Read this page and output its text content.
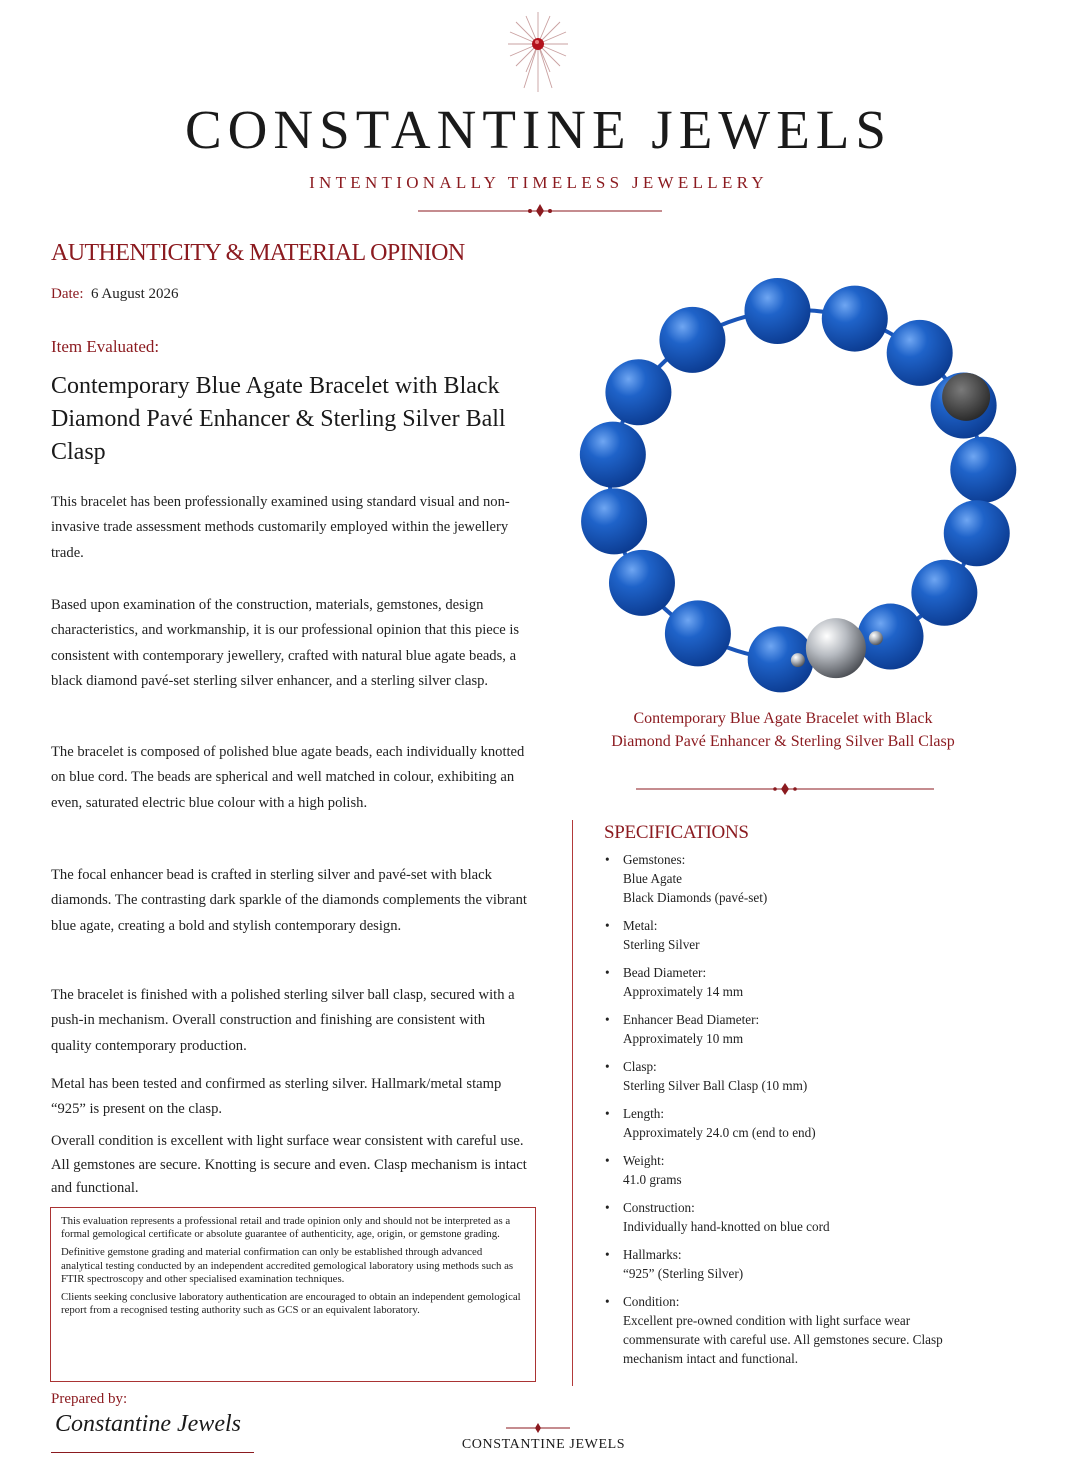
CONSTANTINE JEWELS
INTENTIONALLY TIMELESS JEWELLERY
AUTHENTICITY & MATERIAL OPINION
Date: 6 August 2026
Item Evaluated:
Contemporary Blue Agate Bracelet with Black Diamond Pavé Enhancer & Sterling Silver Ball Clasp
This bracelet has been professionally examined using standard visual and non-invasive trade assessment methods customarily employed within the jewellery trade.
Based upon examination of the construction, materials, gemstones, design characteristics, and workmanship, it is our professional opinion that this piece is consistent with contemporary jewellery, crafted with natural blue agate beads, a black diamond pavé-set sterling silver enhancer, and a sterling silver clasp.
The bracelet is composed of polished blue agate beads, each individually knotted on blue cord. The beads are spherical and well matched in colour, exhibiting an even, saturated electric blue colour with a high polish.
The focal enhancer bead is crafted in sterling silver and pavé-set with black diamonds. The contrasting dark sparkle of the diamonds complements the vibrant blue agate, creating a bold and stylish contemporary design.
The bracelet is finished with a polished sterling silver ball clasp, secured with a push-in mechanism. Overall construction and finishing are consistent with quality contemporary production.
Metal has been tested and confirmed as sterling silver. Hallmark/metal stamp “925” is present on the clasp.
Overall condition is excellent with light surface wear consistent with careful use. All gemstones are secure. Knotting is secure and even. Clasp mechanism is intact and functional.

This evaluation represents a professional retail and trade opinion only and should not be interpreted as a formal gemological certificate or absolute guarantee of authenticity, age, origin, or gemstone grading.

Definitive gemstone grading and material confirmation can only be established through advanced analytical testing conducted by an independent accredited gemological laboratory using methods such as FTIR spectroscopy and other specialised examination techniques.

Clients seeking conclusive laboratory authentication are encouraged to obtain an independent gemological report from a recognised testing authority such as GCS or an equivalent laboratory.

Prepared by:
Constantine Jewels
CONSTANTINE JEWELS
Contemporary Blue Agate Bracelet with Black Diamond Pavé Enhancer & Sterling Silver Ball Clasp
SPECIFICATIONS
• Gemstones:
Blue Agate
Black Diamonds (pavé-set)
• Metal:
Sterling Silver
• Bead Diameter:
Approximately 14 mm
• Enhancer Bead Diameter:
Approximately 10 mm
• Clasp:
Sterling Silver Ball Clasp (10 mm)
• Length:
Approximately 24.0 cm (end to end)
• Weight:
41.0 grams
• Construction:
Individually hand-knotted on blue cord
• Hallmarks:
“925” (Sterling Silver)
• Condition:
Excellent pre-owned condition with light surface wear commensurate with careful use. All gemstones secure. Clasp mechanism intact and functional.
